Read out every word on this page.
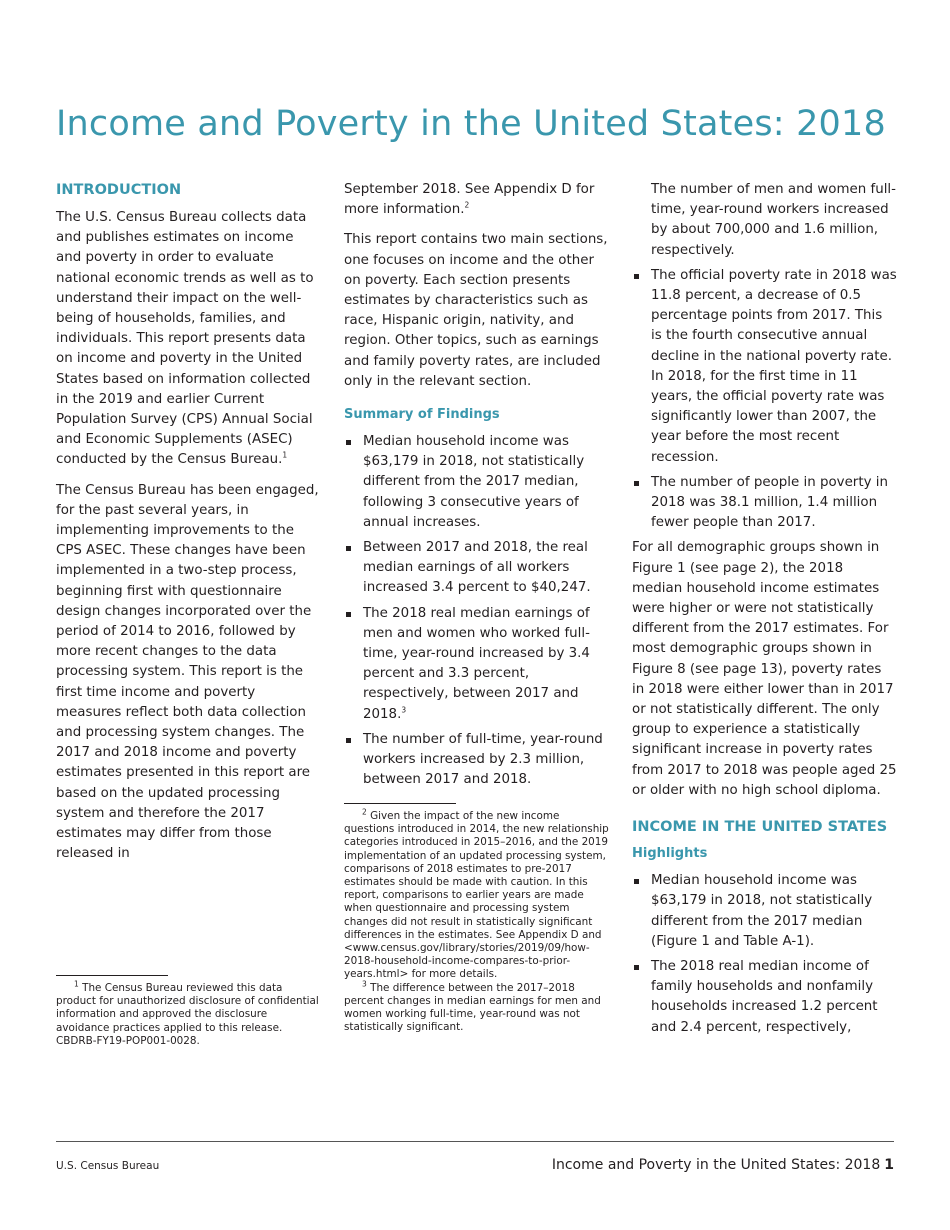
Income and Poverty in the United States: 2018
INTRODUCTION

The U.S. Census Bureau collects data and publishes estimates on income and poverty in order to evaluate national economic trends as well as to understand their impact on the well-being of households, families, and individuals. This report presents data on income and poverty in the United States based on information collected in the 2019 and earlier Current Population Survey (CPS) Annual Social and Economic Supplements (ASEC) conducted by the Census Bureau.$^1$

The Census Bureau has been engaged, for the past several years, in implementing improvements to the CPS ASEC. These changes have been implemented in a two-step process, beginning first with questionnaire design changes incorporated over the period of 2014 to 2016, followed by more recent changes to the data processing system. This report is the first time income and poverty measures reflect both data collection and processing system changes. The 2017 and 2018 income and poverty estimates presented in this report are based on the updated processing system and therefore the 2017 estimates may differ from those released in

$^1$ The Census Bureau reviewed this data product for unauthorized disclosure of confidential information and approved the disclosure avoidance practices applied to this release. CBDRB-FY19-POP001-0028.

September 2018. See Appendix D for more information.$^2$

This report contains two main sections, one focuses on income and the other on poverty. Each section presents estimates by characteristics such as race, Hispanic origin, nativity, and region. Other topics, such as earnings and family poverty rates, are included only in the relevant section.

Summary of Findings
Median household income was $63,179 in 2018, not statistically different from the 2017 median, following 3 consecutive years of annual increases.
Between 2017 and 2018, the real median earnings of all workers increased 3.4 percent to $40,247.
The 2018 real median earnings of men and women who worked full-time, year-round increased by 3.4 percent and 3.3 percent, respectively, between 2017 and 2018.$^3$
The number of full-time, year-round workers increased by 2.3 million, between 2017 and 2018.

$^2$ Given the impact of the new income questions introduced in 2014, the new relationship categories introduced in 2015–2016, and the 2019 implementation of an updated processing system, comparisons of 2018 estimates to pre-2017 estimates should be made with caution. In this report, comparisons to earlier years are made when questionnaire and processing system changes did not result in statistically significant differences in the estimates. See Appendix D and <www.census.gov/library/stories/2019/09/how-2018-household-income-compares-to-prior-years.html> for more details.

$^3$ The difference between the 2017–2018 percent changes in median earnings for men and women working full-time, year-round was not statistically significant.

The number of men and women full-time, year-round workers increased by about 700,000 and 1.6 million, respectively.

The official poverty rate in 2018 was 11.8 percent, a decrease of 0.5 percentage points from 2017. This is the fourth consecutive annual decline in the national poverty rate. In 2018, for the first time in 11 years, the official poverty rate was significantly lower than 2007, the year before the most recent recession.
The number of people in poverty in 2018 was 38.1 million, 1.4 million fewer people than 2017.

For all demographic groups shown in Figure 1 (see page 2), the 2018 median household income estimates were higher or were not statistically different from the 2017 estimates. For most demographic groups shown in Figure 8 (see page 13), poverty rates in 2018 were either lower than in 2017 or not statistically different. The only group to experience a statistically significant increase in poverty rates from 2017 to 2018 was people aged 25 or older with no high school diploma.

INCOME IN THE UNITED STATES
Highlights
Median household income was $63,179 in 2018, not statistically different from the 2017 median (Figure 1 and Table A-1).
The 2018 real median income of family households and nonfamily households increased 1.2 percent and 2.4 percent, respectively,
U.S. Census Bureau	Income and Poverty in the United States: 2018 1
